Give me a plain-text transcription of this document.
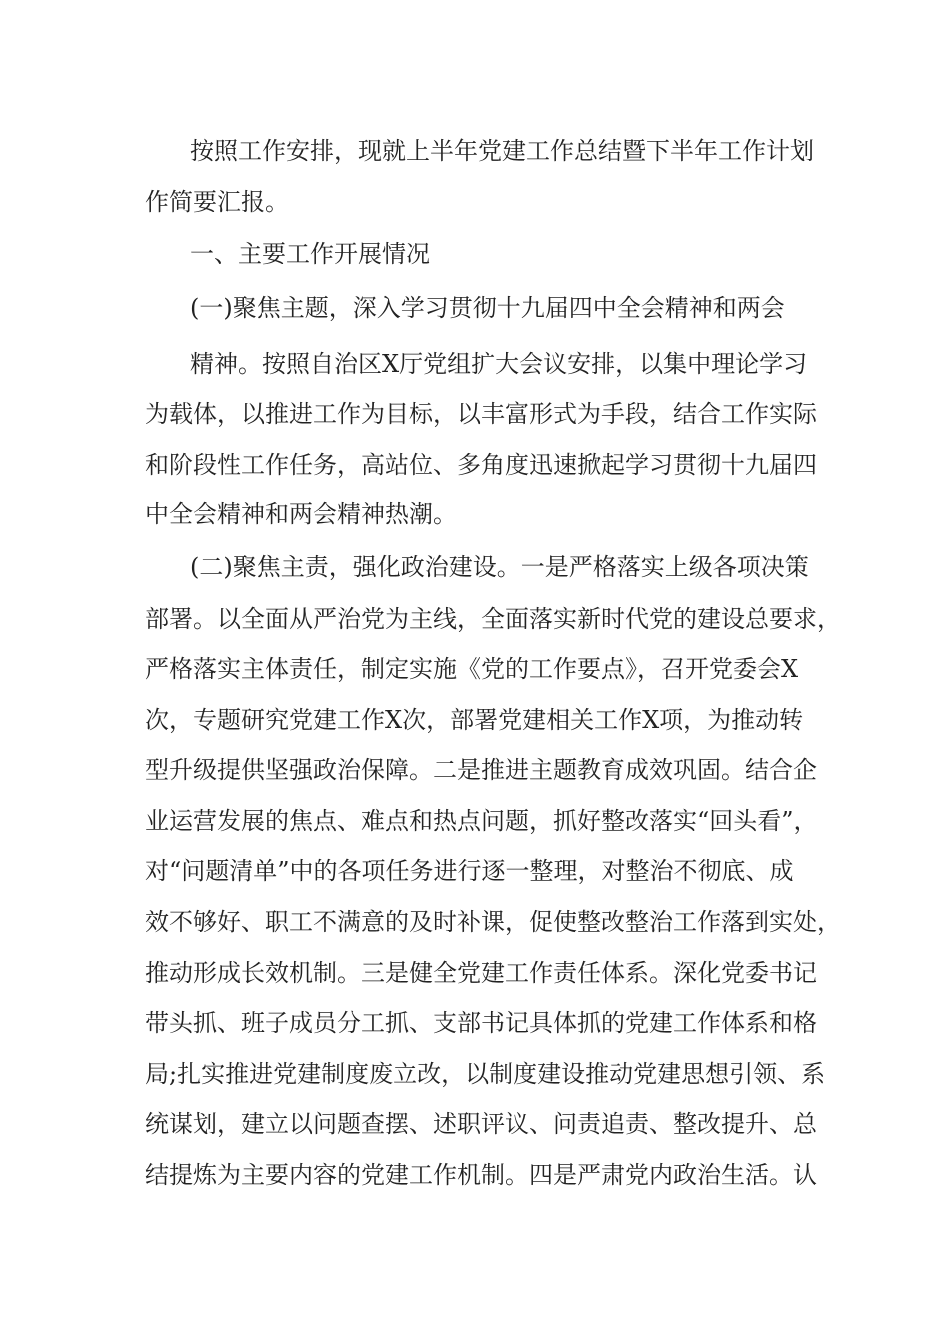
按照工作安排，现就上半年党建工作总结暨下半年工作计划
作简要汇报。
一、主要工作开展情况
(一)聚焦主题，深入学习贯彻十九届四中全会精神和两会
精神。按照自治区X厅党组扩大会议安排，以集中理论学习
为载体，以推进工作为目标，以丰富形式为手段，结合工作实际
和阶段性工作任务，高站位、多角度迅速掀起学习贯彻十九届四
中全会精神和两会精神热潮。
(二)聚焦主责，强化政治建设。一是严格落实上级各项决策
部署。以全面从严治党为主线，全面落实新时代党的建设总要求，
严格落实主体责任，制定实施《党的工作要点》，召开党委会X
次，专题研究党建工作X次，部署党建相关工作X项，为推动转
型升级提供坚强政治保障。二是推进主题教育成效巩固。结合企
业运营发展的焦点、难点和热点问题，抓好整改落实“回头看”，
对“问题清单”中的各项任务进行逐一整理，对整治不彻底、成
效不够好、职工不满意的及时补课，促使整改整治工作落到实处，
推动形成长效机制。三是健全党建工作责任体系。深化党委书记
带头抓、班子成员分工抓、支部书记具体抓的党建工作体系和格
局;扎实推进党建制度废立改，以制度建设推动党建思想引领、系
统谋划，建立以问题查摆、述职评议、问责追责、整改提升、总
结提炼为主要内容的党建工作机制。四是严肃党内政治生活。认
